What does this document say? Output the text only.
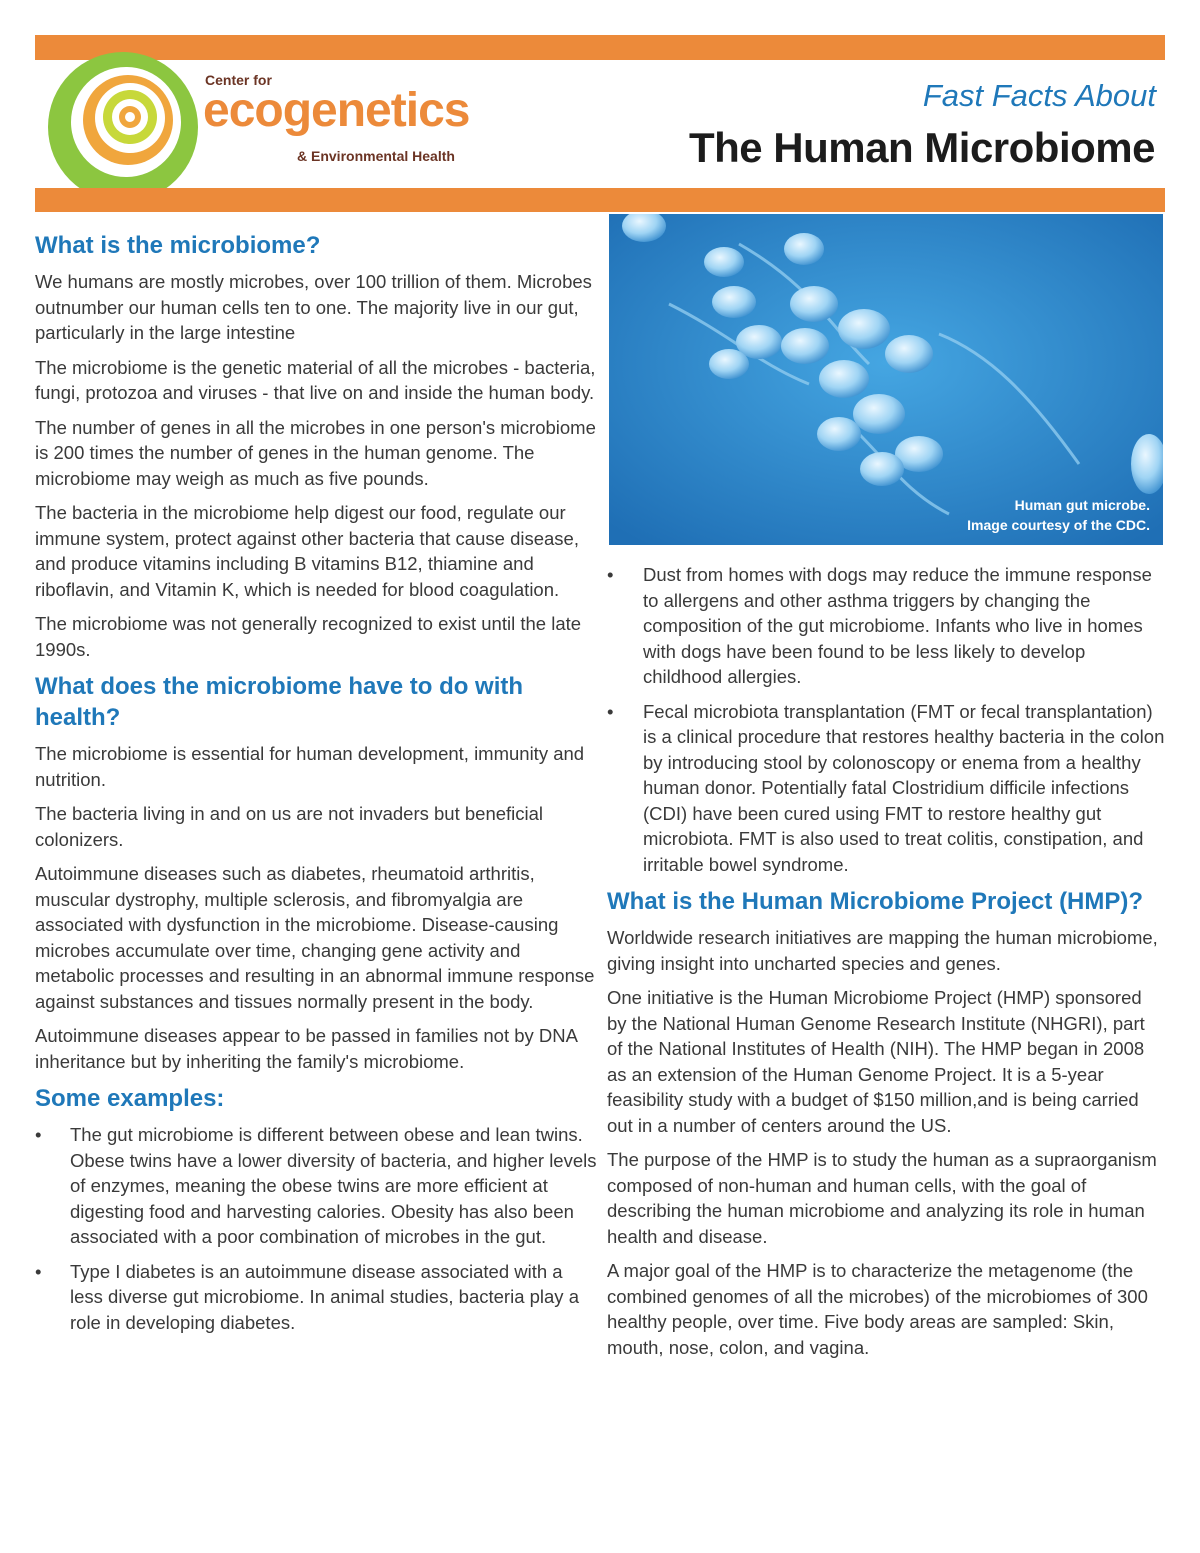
Center for
ecogenetics
& Environmental Health
Fast Facts About
The Human Microbiome
What is the microbiome?

We humans are mostly microbes, over 100 trillion of them. Microbes outnumber our human cells ten to one. The majority live in our gut, particularly in the large intestine

The microbiome is the genetic material of all the microbes - bacteria, fungi, protozoa and viruses - that live on and inside the human body.

The number of genes in all the microbes in one person's microbiome is 200 times the number of genes in the human genome. The microbiome may weigh as much as five pounds.

The bacteria in the microbiome help digest our food, regulate our immune system, protect against other bacteria that cause disease, and produce vitamins including B vitamins B12, thiamine and riboflavin, and Vitamin K, which is needed for blood coagulation.

The microbiome was not generally recognized to exist until the late 1990s.

What does the microbiome have to do with health?

The microbiome is essential for human development, immunity and nutrition.

The bacteria living in and on us are not invaders but beneficial colonizers.

Autoimmune diseases such as diabetes, rheumatoid arthritis, muscular dystrophy, multiple sclerosis, and fibromyalgia are associated with dysfunction in the microbiome. Disease-causing microbes accumulate over time, changing gene activity and metabolic processes and resulting in an abnormal immune response against substances and tissues normally present in the body.

Autoimmune diseases appear to be passed in families not by DNA inheritance but by inheriting the family's microbiome.

Some examples:
• The gut microbiome is different between obese and lean twins. Obese twins have a lower diversity of bacteria, and higher levels of enzymes, meaning the obese twins are more efficient at digesting food and harvesting calories. Obesity has also been associated with a poor combination of microbes in the gut.
• Type I diabetes is an autoimmune disease associated with a less diverse gut microbiome. In animal studies, bacteria play a role in developing diabetes.
Human gut microbe.
Image courtesy of the CDC.
• Dust from homes with dogs may reduce the immune response to allergens and other asthma triggers by changing the composition of the gut microbiome. Infants who live in homes with dogs have been found to be less likely to develop childhood allergies.
• Fecal microbiota transplantation (FMT or fecal transplantation) is a clinical procedure that restores healthy bacteria in the colon by introducing stool by colonoscopy or enema from a healthy human donor. Potentially fatal Clostridium difficile infections (CDI) have been cured using FMT to restore healthy gut microbiota. FMT is also used to treat colitis, constipation, and irritable bowel syndrome.
What is the Human Microbiome Project (HMP)?

Worldwide research initiatives are mapping the human microbiome, giving insight into uncharted species and genes.

One initiative is the Human Microbiome Project (HMP) sponsored by the National Human Genome Research Institute (NHGRI), part of the National Institutes of Health (NIH). The HMP began in 2008 as an extension of the Human Genome Project. It is a 5-year feasibility study with a budget of $150 million,and is being carried out in a number of centers around the US.

The purpose of the HMP is to study the human as a supraorganism composed of non-human and human cells, with the goal of describing the human microbiome and analyzing its role in human health and disease.

A major goal of the HMP is to characterize the metagenome (the combined genomes of all the microbes) of the microbiomes of 300 healthy people, over time. Five body areas are sampled: Skin, mouth, nose, colon, and vagina.
